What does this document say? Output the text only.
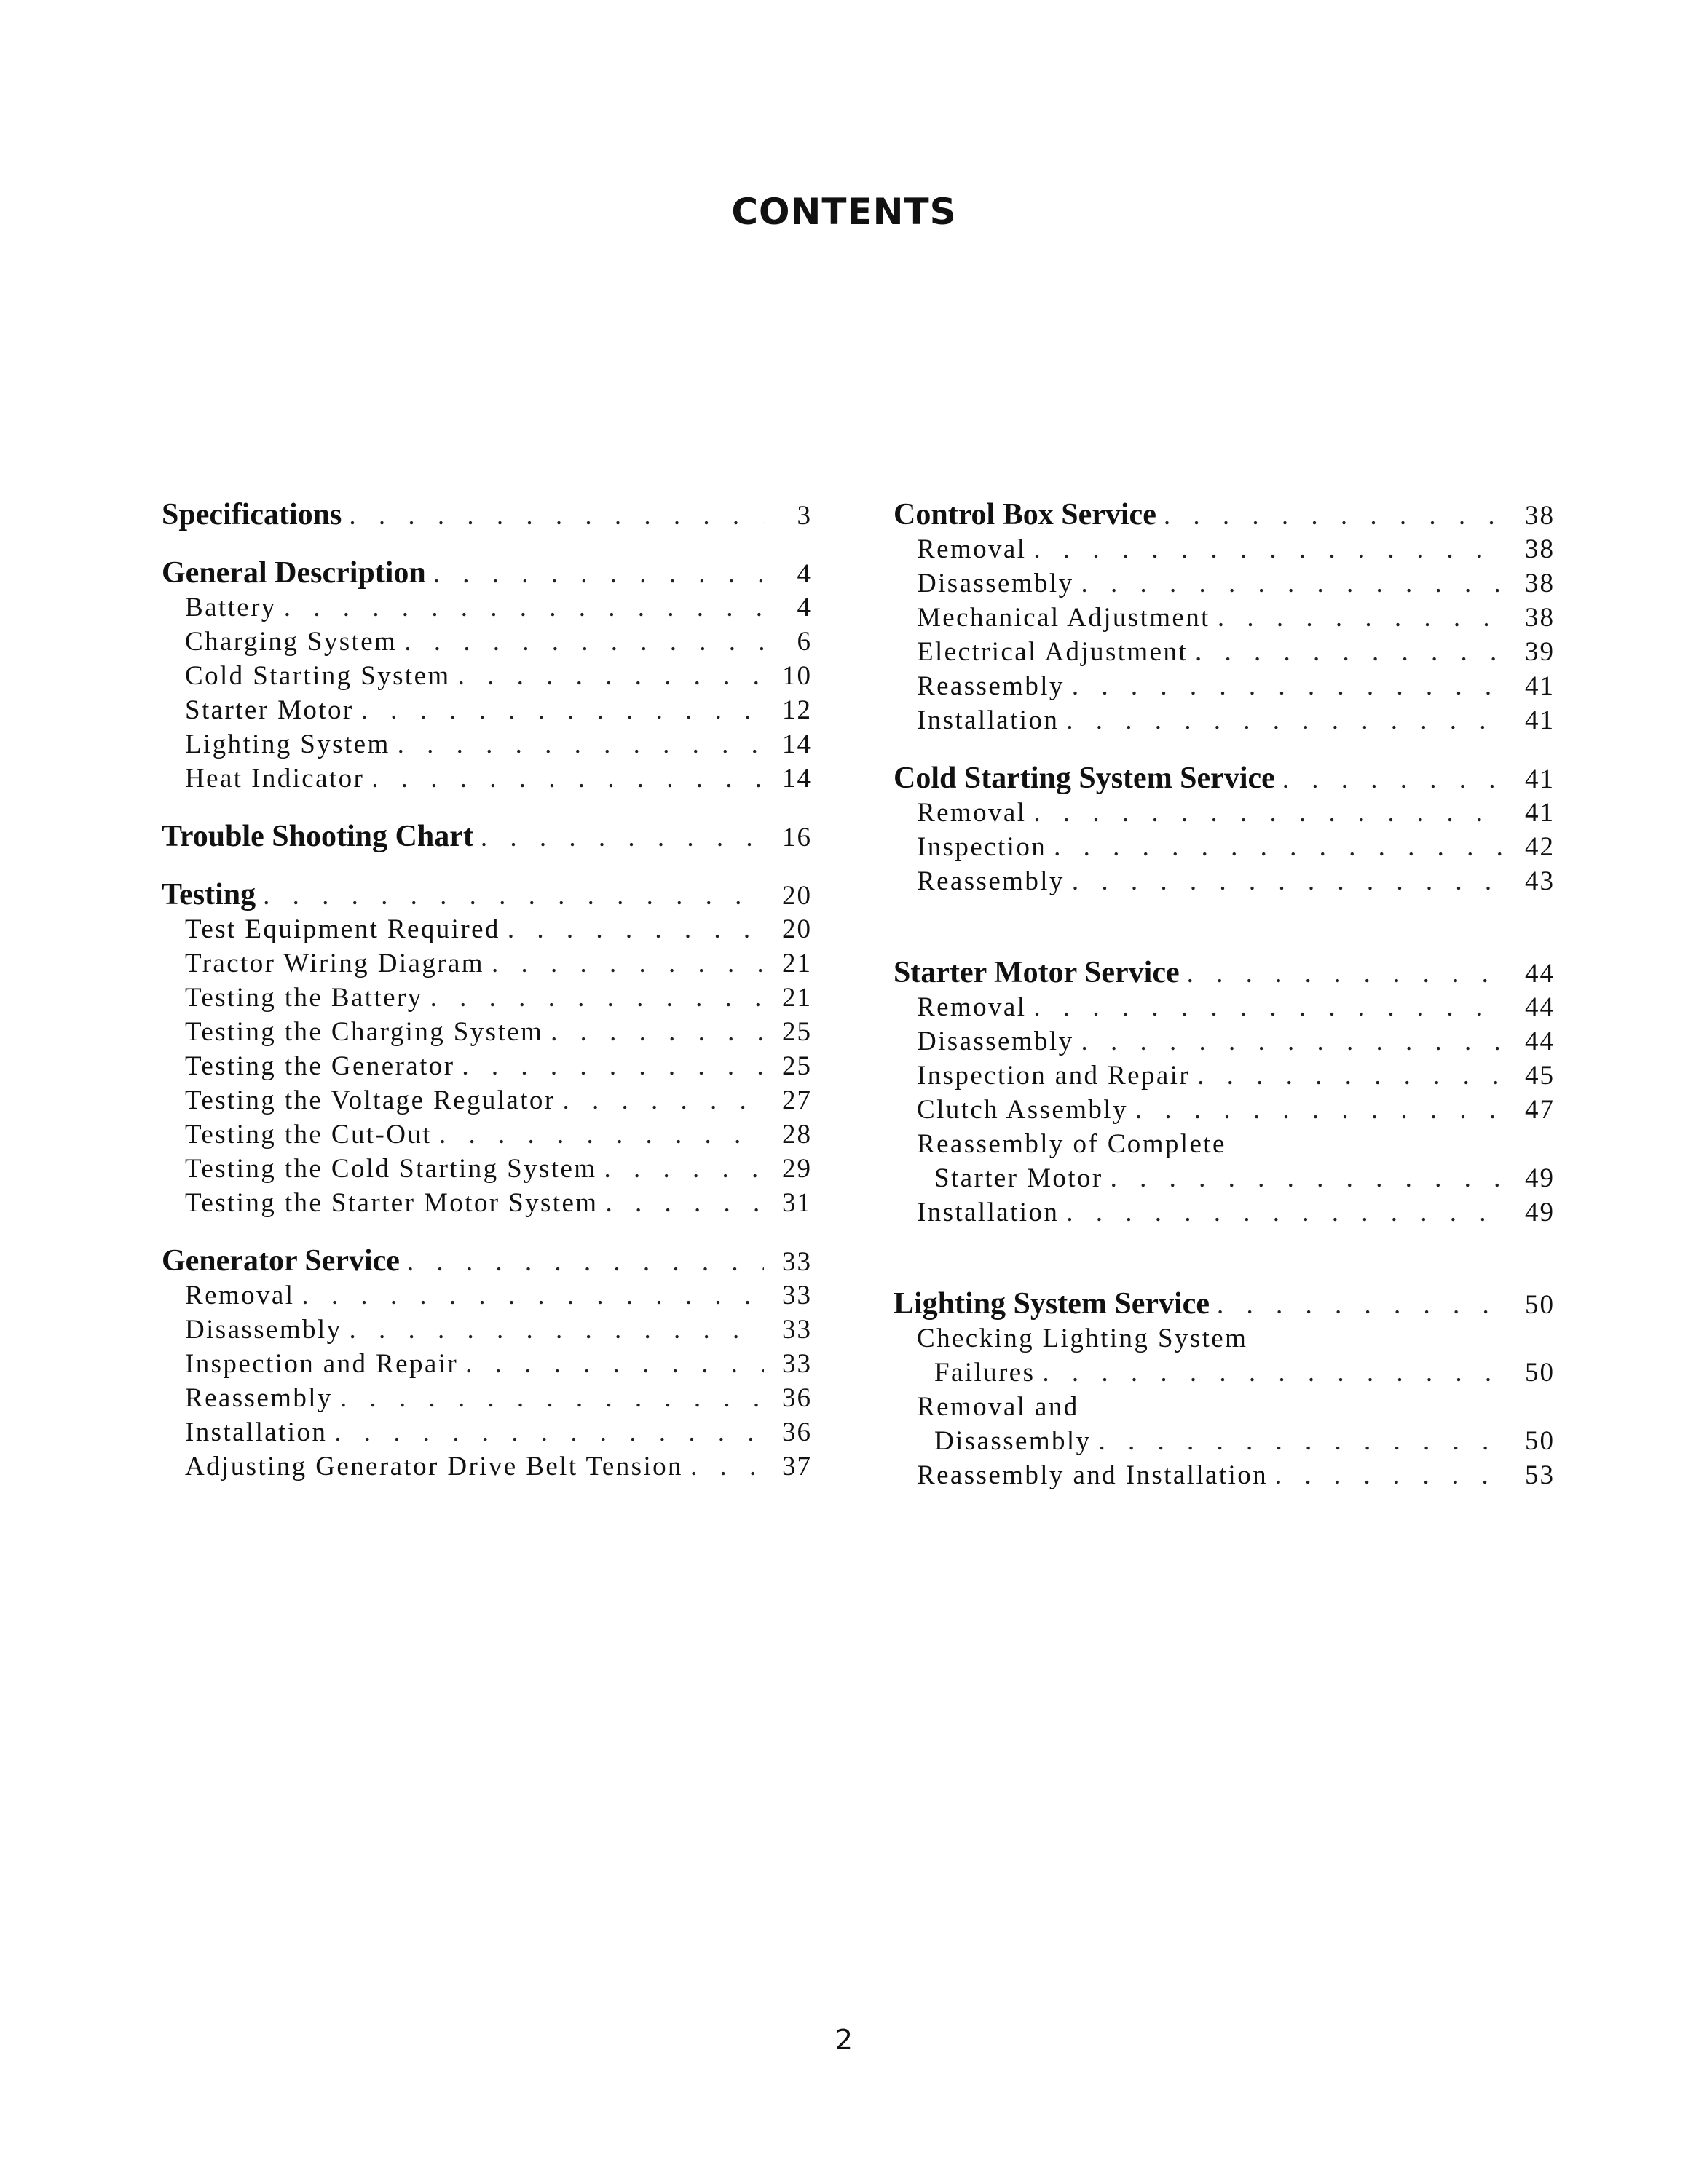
CONTENTS
Specifications . . .	3
General Description . . .	4
Battery . . .	4
Charging System . . .	6
Cold Starting System . . .	10
Starter Motor . . .	12
Lighting System . . .	14
Heat Indicator . . .	14
Trouble Shooting Chart . . .	16
Testing . . .	20
Test Equipment Required . . .	20
Tractor Wiring Diagram . . .	21
Testing the Battery . . .	21
Testing the Charging System . . .	25
Testing the Generator . . .	25
Testing the Voltage Regulator . . .	27
Testing the Cut-Out . . .	28
Testing the Cold Starting System . . .	29
Testing the Starter Motor System . . .	31
Generator Service . . .	33
Removal . . .	33
Disassembly . . .	33
Inspection and Repair . . .	33
Reassembly . . .	36
Installation . . .	36
Adjusting Generator Drive Belt Tension . . .	37
Control Box Service . . .	38
Removal . . .	38
Disassembly . . .	38
Mechanical Adjustment . . .	38
Electrical Adjustment . . .	39
Reassembly . . .	41
Installation . . .	41
Cold Starting System Service . . .	41
Removal . . .	41
Inspection . . .	42
Reassembly . . .	43
Starter Motor Service . . .	44
Removal . . .	44
Disassembly . . .	44
Inspection and Repair . . .	45
Clutch Assembly . . .	47
Reassembly of Complete
Starter Motor . . .	49
Installation . . .	49
Lighting System Service . . .	50
Checking Lighting System
Failures . . .	50
Removal and
Disassembly . . .	50
Reassembly and Installation . . .	53
2
